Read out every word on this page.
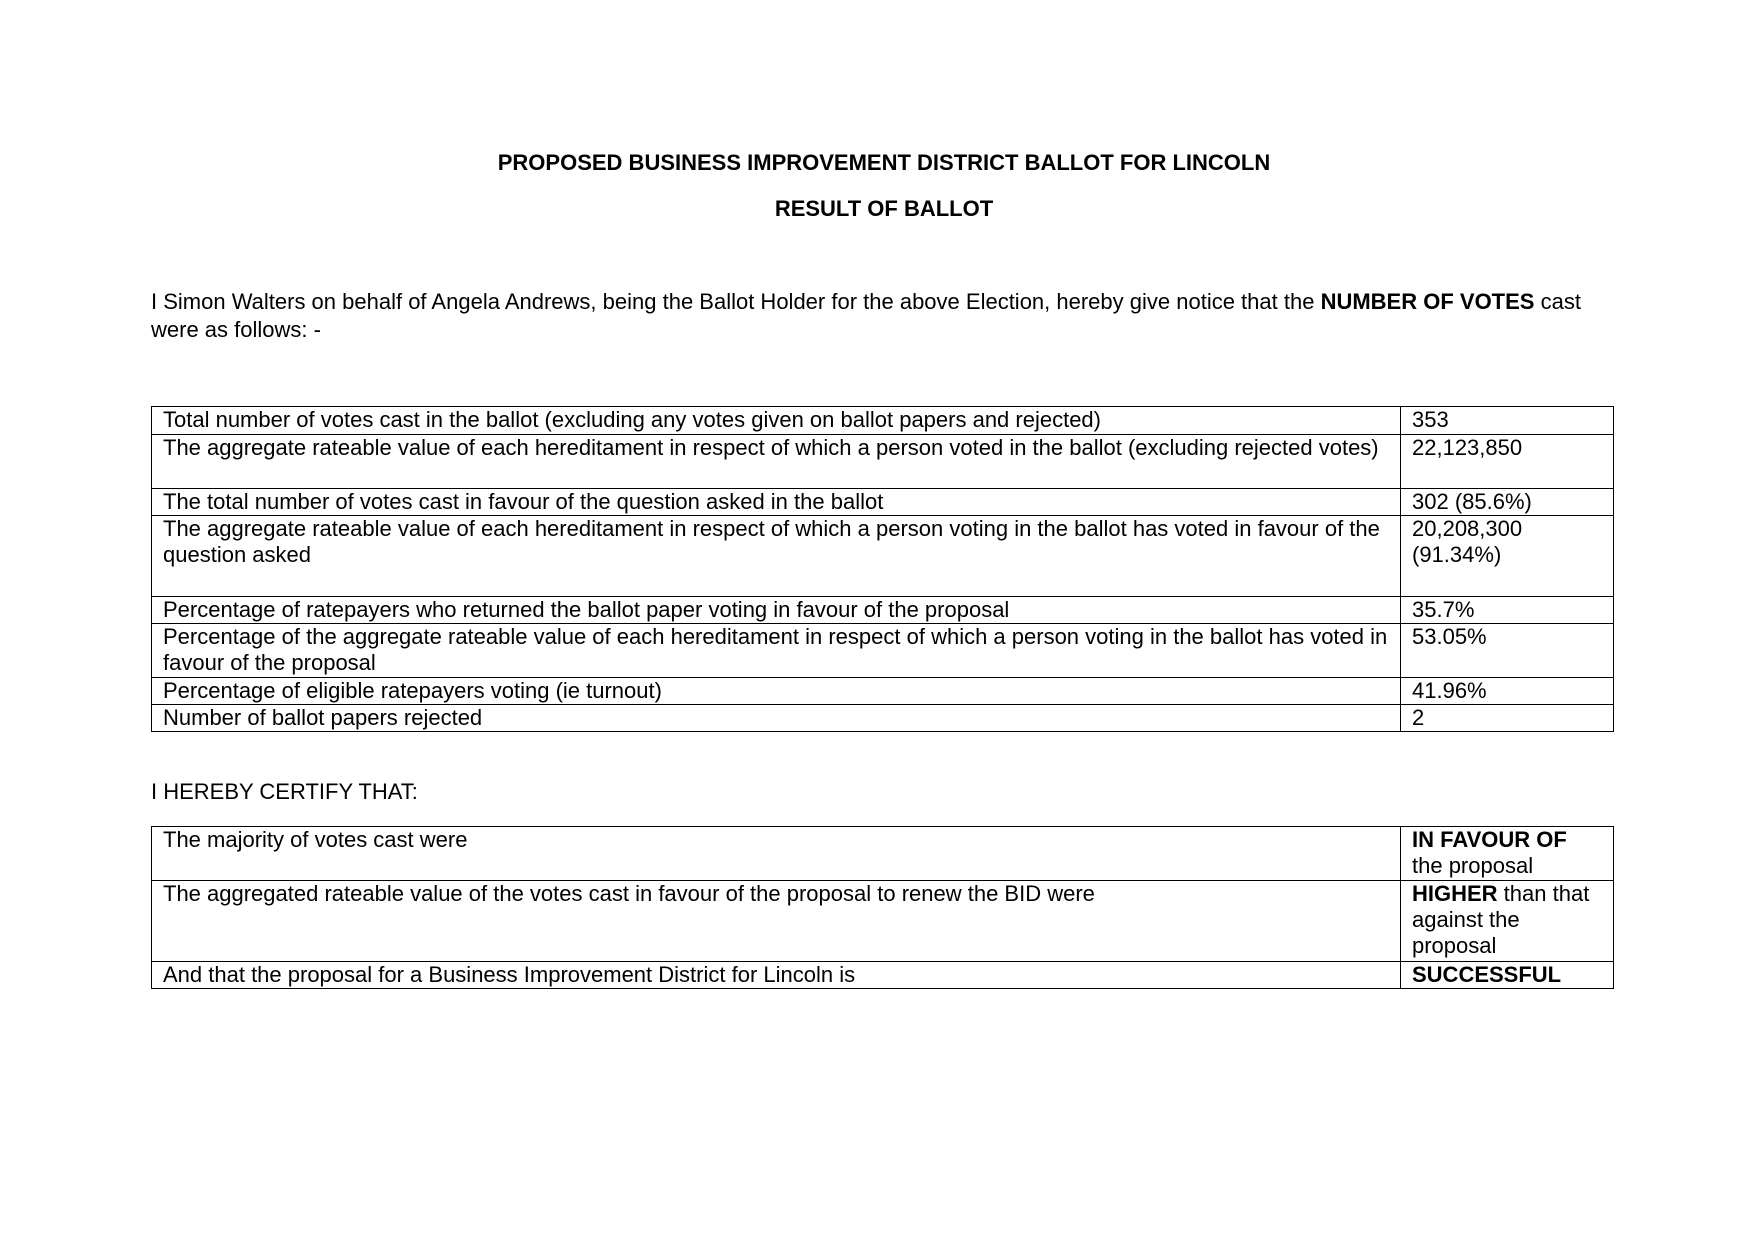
PROPOSED BUSINESS IMPROVEMENT DISTRICT BALLOT FOR LINCOLN

RESULT OF BALLOT

I Simon Walters on behalf of Angela Andrews, being the Ballot Holder for the above Election, hereby give notice that the NUMBER OF VOTES cast were as follows: -

Total number of votes cast in the ballot (excluding any votes given on ballot papers and rejected)	353
The aggregate rateable value of each hereditament in respect of which a person voted in the ballot (excluding rejected votes)	22,123,850
The total number of votes cast in favour of the question asked in the ballot	302 (85.6%)
The aggregate rateable value of each hereditament in respect of which a person voting in the ballot has voted in favour of the question asked	20,208,300 (91.34%)
Percentage of ratepayers who returned the ballot paper voting in favour of the proposal	35.7%
Percentage of the aggregate rateable value of each hereditament in respect of which a person voting in the ballot has voted in favour of the proposal	53.05%
Percentage of eligible ratepayers voting (ie turnout)	41.96%
Number of ballot papers rejected	2

I HEREBY CERTIFY THAT:

The majority of votes cast were	IN FAVOUR OF the proposal
The aggregated rateable value of the votes cast in favour of the proposal to renew the BID were	HIGHER than that against the proposal
And that the proposal for a Business Improvement District for Lincoln is	SUCCESSFUL
